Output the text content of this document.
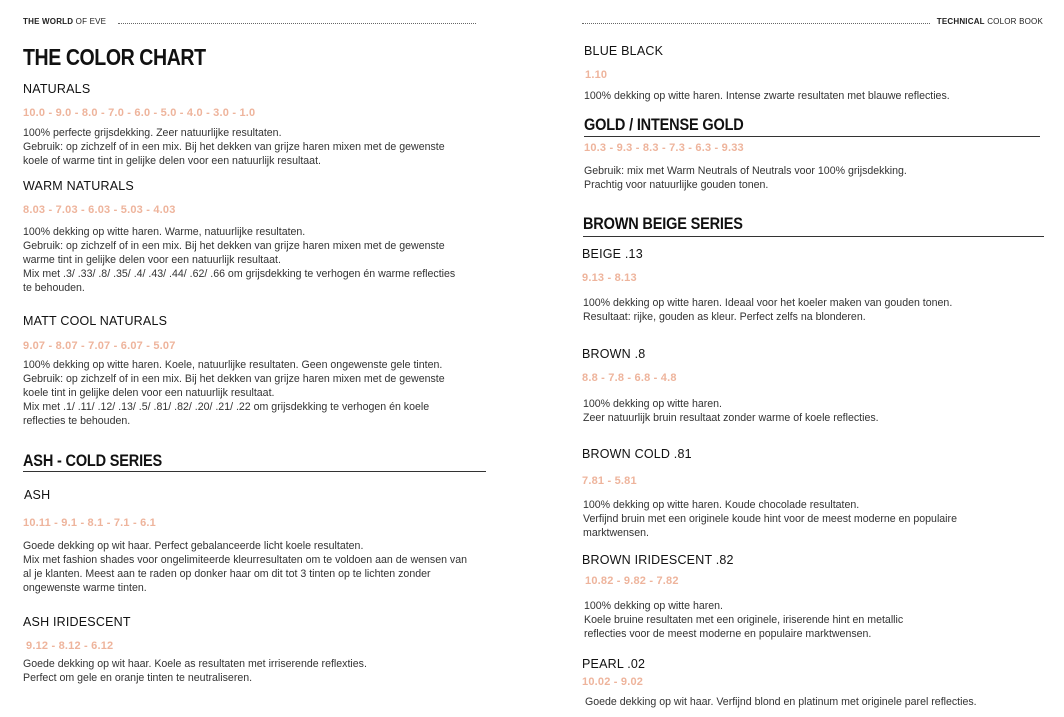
THE WORLD OF EVE	TECHNICAL COLOR BOOK
THE COLOR CHART
NATURALS
10.0 - 9.0 - 8.0 - 7.0 - 6.0 - 5.0 - 4.0 - 3.0 - 1.0
100% perfecte grijsdekking. Zeer natuurlijke resultaten.
Gebruik: op zichzelf of in een mix. Bij het dekken van grijze haren mixen met de gewenste
koele of warme tint in gelijke delen voor een natuurlijk resultaat.
WARM NATURALS
8.03 - 7.03 - 6.03 - 5.03 - 4.03
100% dekking op witte haren. Warme, natuurlijke resultaten.
Gebruik: op zichzelf of in een mix. Bij het dekken van grijze haren mixen met de gewenste
warme tint in gelijke delen voor een natuurlijk resultaat.
Mix met .3/ .33/ .8/ .35/ .4/ .43/ .44/ .62/ .66 om grijsdekking te verhogen én warme reflecties
te behouden.
MATT COOL NATURALS
9.07 - 8.07 - 7.07 - 6.07 - 5.07
100% dekking op witte haren. Koele, natuurlijke resultaten. Geen ongewenste gele tinten.
Gebruik: op zichzelf of in een mix. Bij het dekken van grijze haren mixen met de gewenste
koele tint in gelijke delen voor een natuurlijk resultaat.
Mix met .1/ .11/ .12/ .13/ .5/ .81/ .82/ .20/ .21/ .22 om grijsdekking te verhogen én koele
reflecties te behouden.
ASH - COLD SERIES
ASH
10.11 - 9.1 - 8.1 - 7.1 - 6.1
Goede dekking op wit haar. Perfect gebalanceerde licht koele resultaten.
Mix met fashion shades voor ongelimiteerde kleurresultaten om te voldoen aan de wensen van
al je klanten. Meest aan te raden op donker haar om dit tot 3 tinten op te lichten zonder
ongewenste warme tinten.
ASH IRIDESCENT
9.12 - 8.12 - 6.12
Goede dekking op wit haar. Koele as resultaten met irriserende reflexties.
Perfect om gele en oranje tinten te neutraliseren.
BLUE BLACK
1.10
100% dekking op witte haren. Intense zwarte resultaten met blauwe reflecties.
GOLD / INTENSE GOLD
10.3 - 9.3 - 8.3 - 7.3 - 6.3 - 9.33
Gebruik: mix met Warm Neutrals of Neutrals voor 100% grijsdekking.
Prachtig voor natuurlijke gouden tonen.
BROWN BEIGE SERIES
BEIGE .13
9.13 - 8.13
100% dekking op witte haren. Ideaal voor het koeler maken van gouden tonen.
Resultaat: rijke, gouden as kleur. Perfect zelfs na blonderen.
BROWN .8
8.8 - 7.8 - 6.8 - 4.8
100% dekking op witte haren.
Zeer natuurlijk bruin resultaat zonder warme of koele reflecties.
BROWN COLD .81
7.81 - 5.81
100% dekking op witte haren. Koude chocolade resultaten.
Verfijnd bruin met een originele koude hint voor de meest moderne en populaire
marktwensen.
BROWN IRIDESCENT .82
10.82 - 9.82 - 7.82
100% dekking op witte haren.
Koele bruine resultaten met een originele, iriserende hint en metallic
reflecties voor de meest moderne en populaire marktwensen.
PEARL .02
10.02 - 9.02
Goede dekking op wit haar. Verfijnd blond en platinum met originele parel reflecties.
